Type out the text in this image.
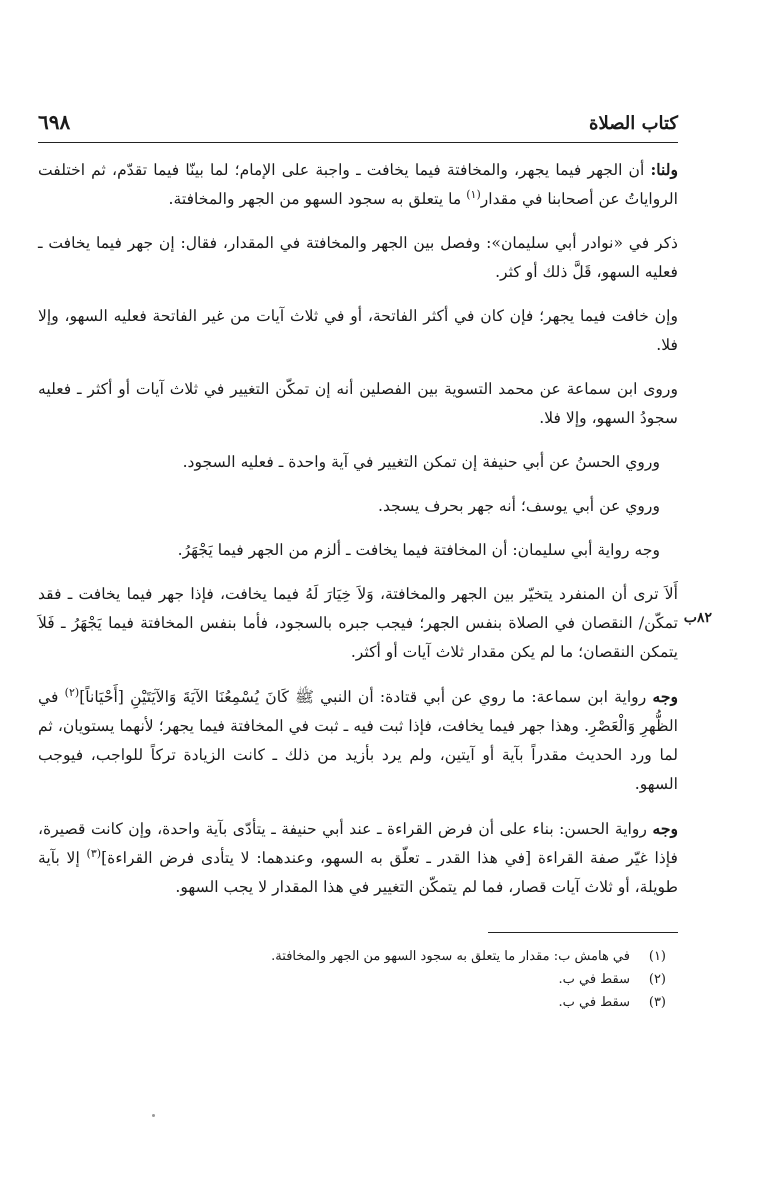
كتاب الصلاة
٦٩٨

ولنا: أن الجهر فيما يجهر، والمخافتة فيما يخافت ـ واجبة على الإمام؛ لما بينّا فيما تقدّم، ثم اختلفت الرواياتُ عن أصحابنا في مقدار$^{(١)}$ ما يتعلق به سجود السهو من الجهر والمخافتة.

ذكر في «نوادر أبي سليمان»: وفصل بين الجهر والمخافتة في المقدار، فقال: إن جهر فيما يخافت ـ فعليه السهو، قَلَّ ذلك أو كثر.

وإن خافت فيما يجهر؛ فإن كان في أكثر الفاتحة، أو في ثلاث آيات من غير الفاتحة فعليه السهو، وإلا فلا.

وروى ابن سماعة عن محمد التسوية بين الفصلين أنه إن تمكّن التغيير في ثلاث آيات أو أكثر ـ فعليه سجودُ السهو، وإلا فلا.

وروي الحسنُ عن أبي حنيفة إن تمكن التغيير في آية واحدة ـ فعليه السجود.

وروي عن أبي يوسف؛ أنه جهر بحرف يسجد.

وجه رواية أبي سليمان: أن المخافتة فيما يخافت ـ ألزم من الجهر فيما يَجْهَرُ.

٨٢ب

أَلاَ ترى أن المنفرد يتخيّر بين الجهر والمخافتة، وَلاَ خِيَارَ لَهُ فيما يخافت، فإذا جهر فيما يخافت ـ فقد تمكّن/ النقصان في الصلاة بنفس الجهر؛ فيجب جبره بالسجود، فأما بنفس المخافتة فيما يَجْهَرُ ـ فَلاَ يتمكن النقصان؛ ما لم يكن مقدار ثلاث آيات أو أكثر.

وجه رواية ابن سماعة: ما روي عن أبي قتادة: أن النبي ﷺ كَانَ يُسْمِعُنَا الآيَةَ وَالآيَتَيْنِ [أَحْيَاناً]$^{(٢)}$ في الظُّهرِ وَالْعَصْرِ. وهذا جهر فيما يخافت، فإذا ثبت فيه ـ ثبت في المخافتة فيما يجهر؛ لأنهما يستويان، ثم لما ورد الحديث مقدراً بآية أو آيتين، ولم يرد بأزيد من ذلك ـ كانت الزيادة تركاً للواجب، فيوجب السهو.

وجه رواية الحسن: بناء على أن فرض القراءة ـ عند أبي حنيفة ـ يتأدّى بآية واحدة، وإن كانت قصيرة، فإذا غيّر صفة القراءة [في هذا القدر ـ تعلّق به السهو، وعندهما: لا يتأدى فرض القراءة]$^{(٣)}$ إلا بآية طويلة، أو ثلاث آيات قصار، فما لم يتمكّن التغيير في هذا المقدار لا يجب السهو.

(١)
في هامش ب: مقدار ما يتعلق به سجود السهو من الجهر والمخافتة.
(٢)
سقط في ب.
(٣)
سقط في ب.
